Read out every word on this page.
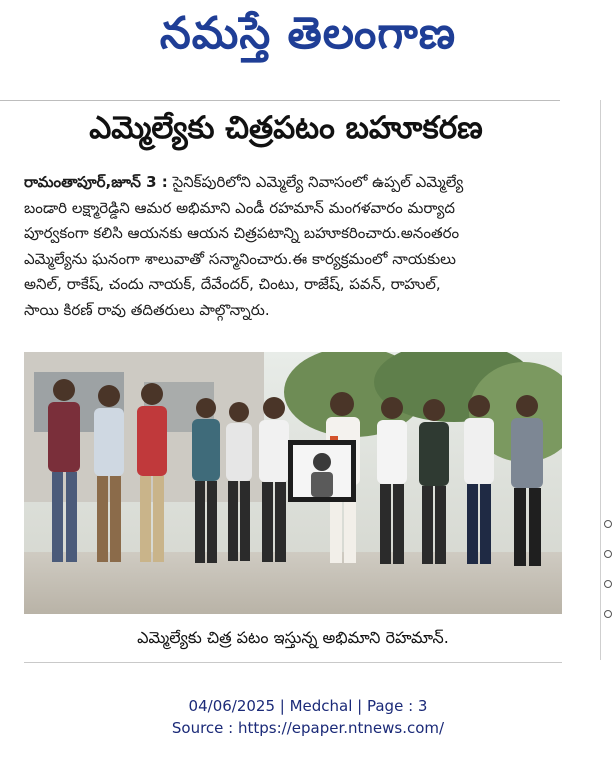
నమస్తే తెలంగాణ
ఎమ్మెల్యేకు చిత్రపటం బహూకరణ
రామంతాపూర్,జూన్ 3 : సైనిక్‌పురిలోని ఎమ్మెల్యే నివాసంలో ఉప్పల్ ఎమ్మెల్యే
బండారి లక్ష్మారెడ్డిని ఆమర అభిమాని ఎండీ రహమాన్ మంగళవారం మర్యాద
పూర్వకంగా కలిసి ఆయనకు ఆయన చిత్రపటాన్ని బహూకరించారు.అనంతరం
ఎమ్మెల్యేను ఘనంగా శాలువాతో సన్మానించారు.ఈ కార్యక్రమంలో నాయకులు
అనిల్, రాకేష్, చందు నాయక్, దేవేందర్, చింటు, రాజేష్, పవన్, రాహుల్,
సాయి కిరణ్ రావు తదితరులు పాల్గొన్నారు.
ఎమ్మెల్యేకు చిత్ర పటం ఇస్తున్న అభిమాని రెహమాన్.
04/06/2025 | Medchal | Page : 3
Source : https://epaper.ntnews.com/
